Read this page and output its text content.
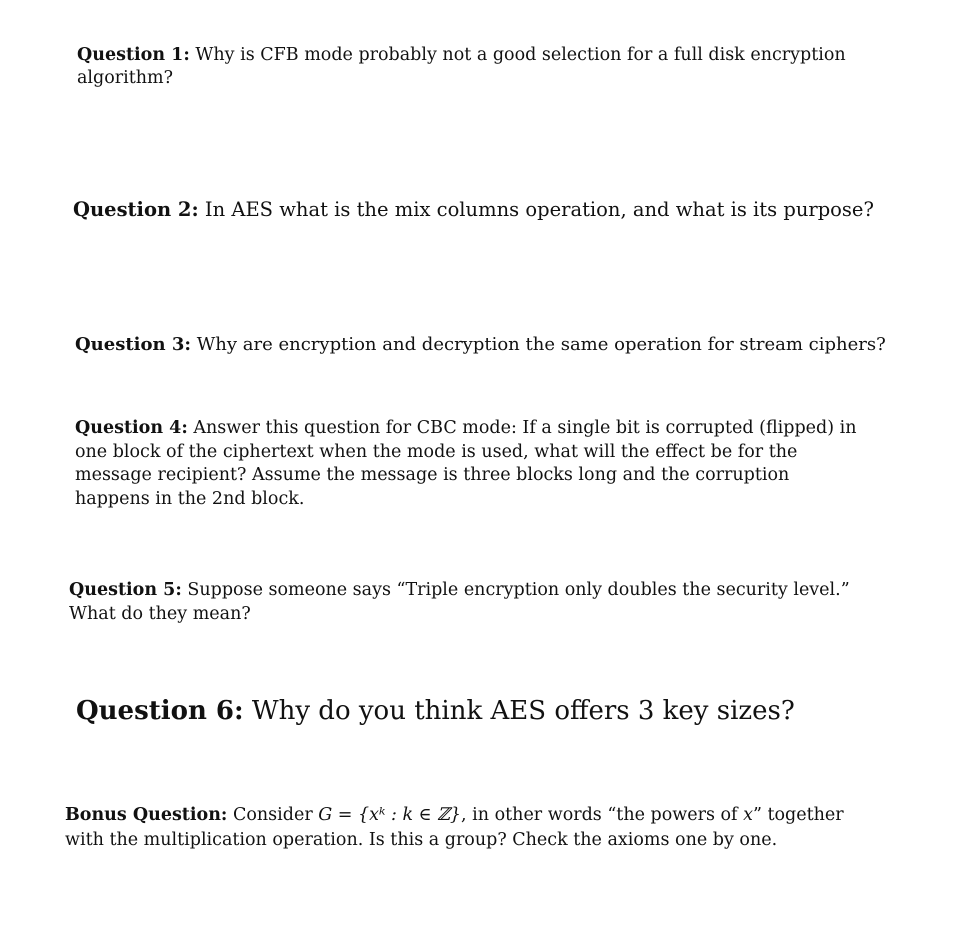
Question 1: Why is CFB mode probably not a good selection for a full disk encryption algorithm?

Question 2: In AES what is the mix columns operation, and what is its purpose?

Question 3: Why are encryption and decryption the same operation for stream ciphers?

Question 4: Answer this question for CBC mode: If a single bit is corrupted (flipped) in one block of the ciphertext when the mode is used, what will the effect be for the message recipient? Assume the message is three blocks long and the corruption happens in the 2nd block.

Question 5: Suppose someone says “Triple encryption only doubles the security level.” What do they mean?

Question 6: Why do you think AES offers 3 key sizes?

Bonus Question: Consider G = {xᵏ : k ∈ ℤ}, in other words “the powers of x” together with the multiplication operation. Is this a group? Check the axioms one by one.
